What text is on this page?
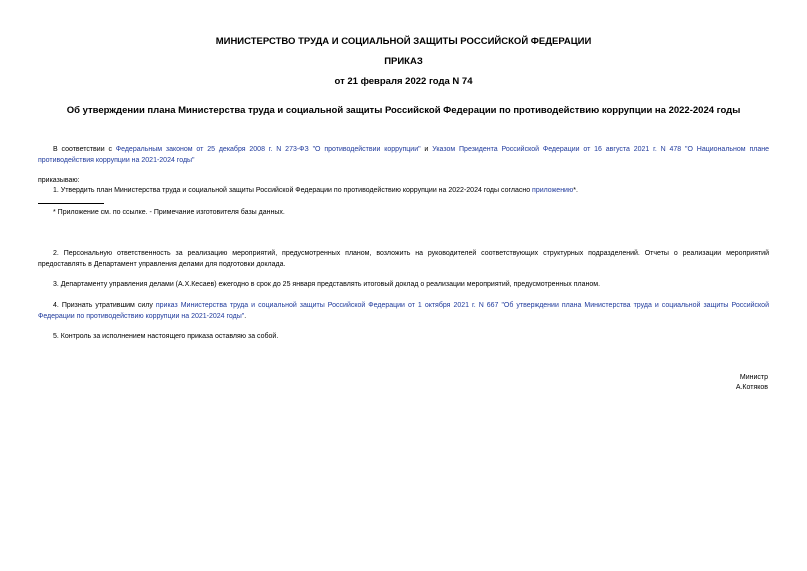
МИНИСТЕРСТВО ТРУДА И СОЦИАЛЬНОЙ ЗАЩИТЫ РОССИЙСКОЙ ФЕДЕРАЦИИ
ПРИКАЗ
от 21 февраля 2022 года N 74
Об утверждении плана Министерства труда и социальной защиты Российской Федерации по противодействию коррупции на 2022-2024 годы
В соответствии с Федеральным законом от 25 декабря 2008 г. N 273-ФЗ "О противодействии коррупции" и Указом Президента Российской Федерации от 16 августа 2021 г. N 478 "О Национальном плане противодействия коррупции на 2021-2024 годы"
приказываю:
1. Утвердить план Министерства труда и социальной защиты Российской Федерации по противодействию коррупции на 2022-2024 годы согласно приложению*.
* Приложение см. по ссылке. - Примечание изготовителя базы данных.
2. Персональную ответственность за реализацию мероприятий, предусмотренных планом, возложить на руководителей соответствующих структурных подразделений. Отчеты о реализации мероприятий предоставлять в Департамент управления делами для подготовки доклада.
3. Департаменту управления делами (А.Х.Кесаев) ежегодно в срок до 25 января представлять итоговый доклад о реализации мероприятий, предусмотренных планом.
4. Признать утратившим силу приказ Министерства труда и социальной защиты Российской Федерации от 1 октября 2021 г. N 667 "Об утверждении плана Министерства труда и социальной защиты Российской Федерации по противодействию коррупции на 2021-2024 годы".
5. Контроль за исполнением настоящего приказа оставляю за собой.
Министр
А.Котяков
